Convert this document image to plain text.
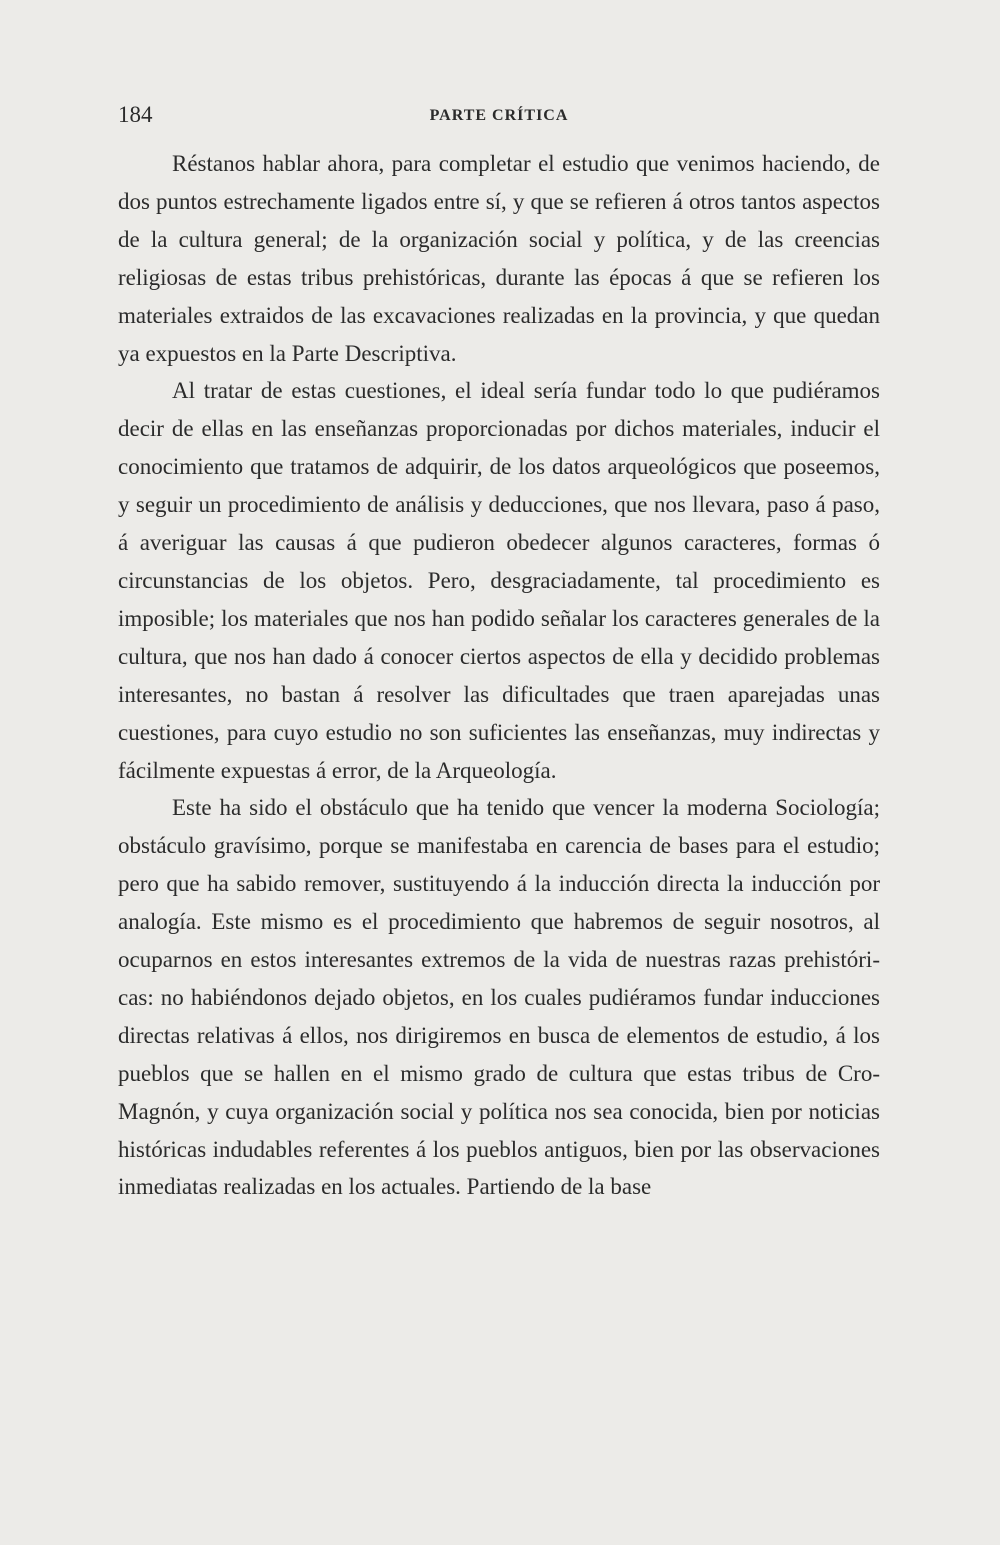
184	PARTE CRÍTICA

Réstanos hablar ahora, para completar el estudio que venimos haciendo, de dos puntos estrechamente ligados entre sí, y que se refieren á otros tantos aspectos de la cultura general; de la organización social y política, y de las creencias religiosas de estas tribus prehistóricas, durante las épocas á que se refieren los materiales extraidos de las excavaciones realizadas en la provincia, y que quedan ya expuestos en la Parte Descriptiva.

Al tratar de estas cuestiones, el ideal sería fundar todo lo que pudiéramos decir de ellas en las enseñanzas proporcionadas por dichos materiales, inducir el conocimiento que tratamos de adquirir, de los datos arqueológicos que poseemos, y seguir un procedimiento de análisis y deducciones, que nos llevara, paso á paso, á averiguar las causas á que pudieron obedecer algunos caracteres, formas ó circunstancias de los objetos. Pero, desgraciadamente, tal procedimiento es imposible; los materiales que nos han podido señalar los caracteres generales de la cultura, que nos han dado á conocer ciertos aspectos de ella y decidido problemas interesantes, no bastan á resolver las dificultades que traen aparejadas unas cuestiones, para cuyo estudio no son suficientes las enseñanzas, muy indirectas y fácilmente expuestas á error, de la Arqueología.

Este ha sido el obstáculo que ha tenido que vencer la moderna Sociología; obstáculo gravísimo, porque se manifestaba en carencia de bases para el estudio; pero que ha sabido remover, sustituyendo á la inducción directa la inducción por analogía. Este mismo es el procedimiento que habremos de seguir nosotros, al ocuparnos en estos interesantes extremos de la vida de nuestras razas prehistóricas: no habiéndonos dejado objetos, en los cuales pudiéramos fundar inducciones directas relativas á ellos, nos dirigiremos en busca de elementos de estudio, á los pueblos que se hallen en el mismo grado de cultura que estas tribus de Cro-Magnón, y cuya organización social y política nos sea conocida, bien por noticias históricas indudables referentes á los pueblos antiguos, bien por las observaciones inmediatas realizadas en los actuales. Partiendo de la base
